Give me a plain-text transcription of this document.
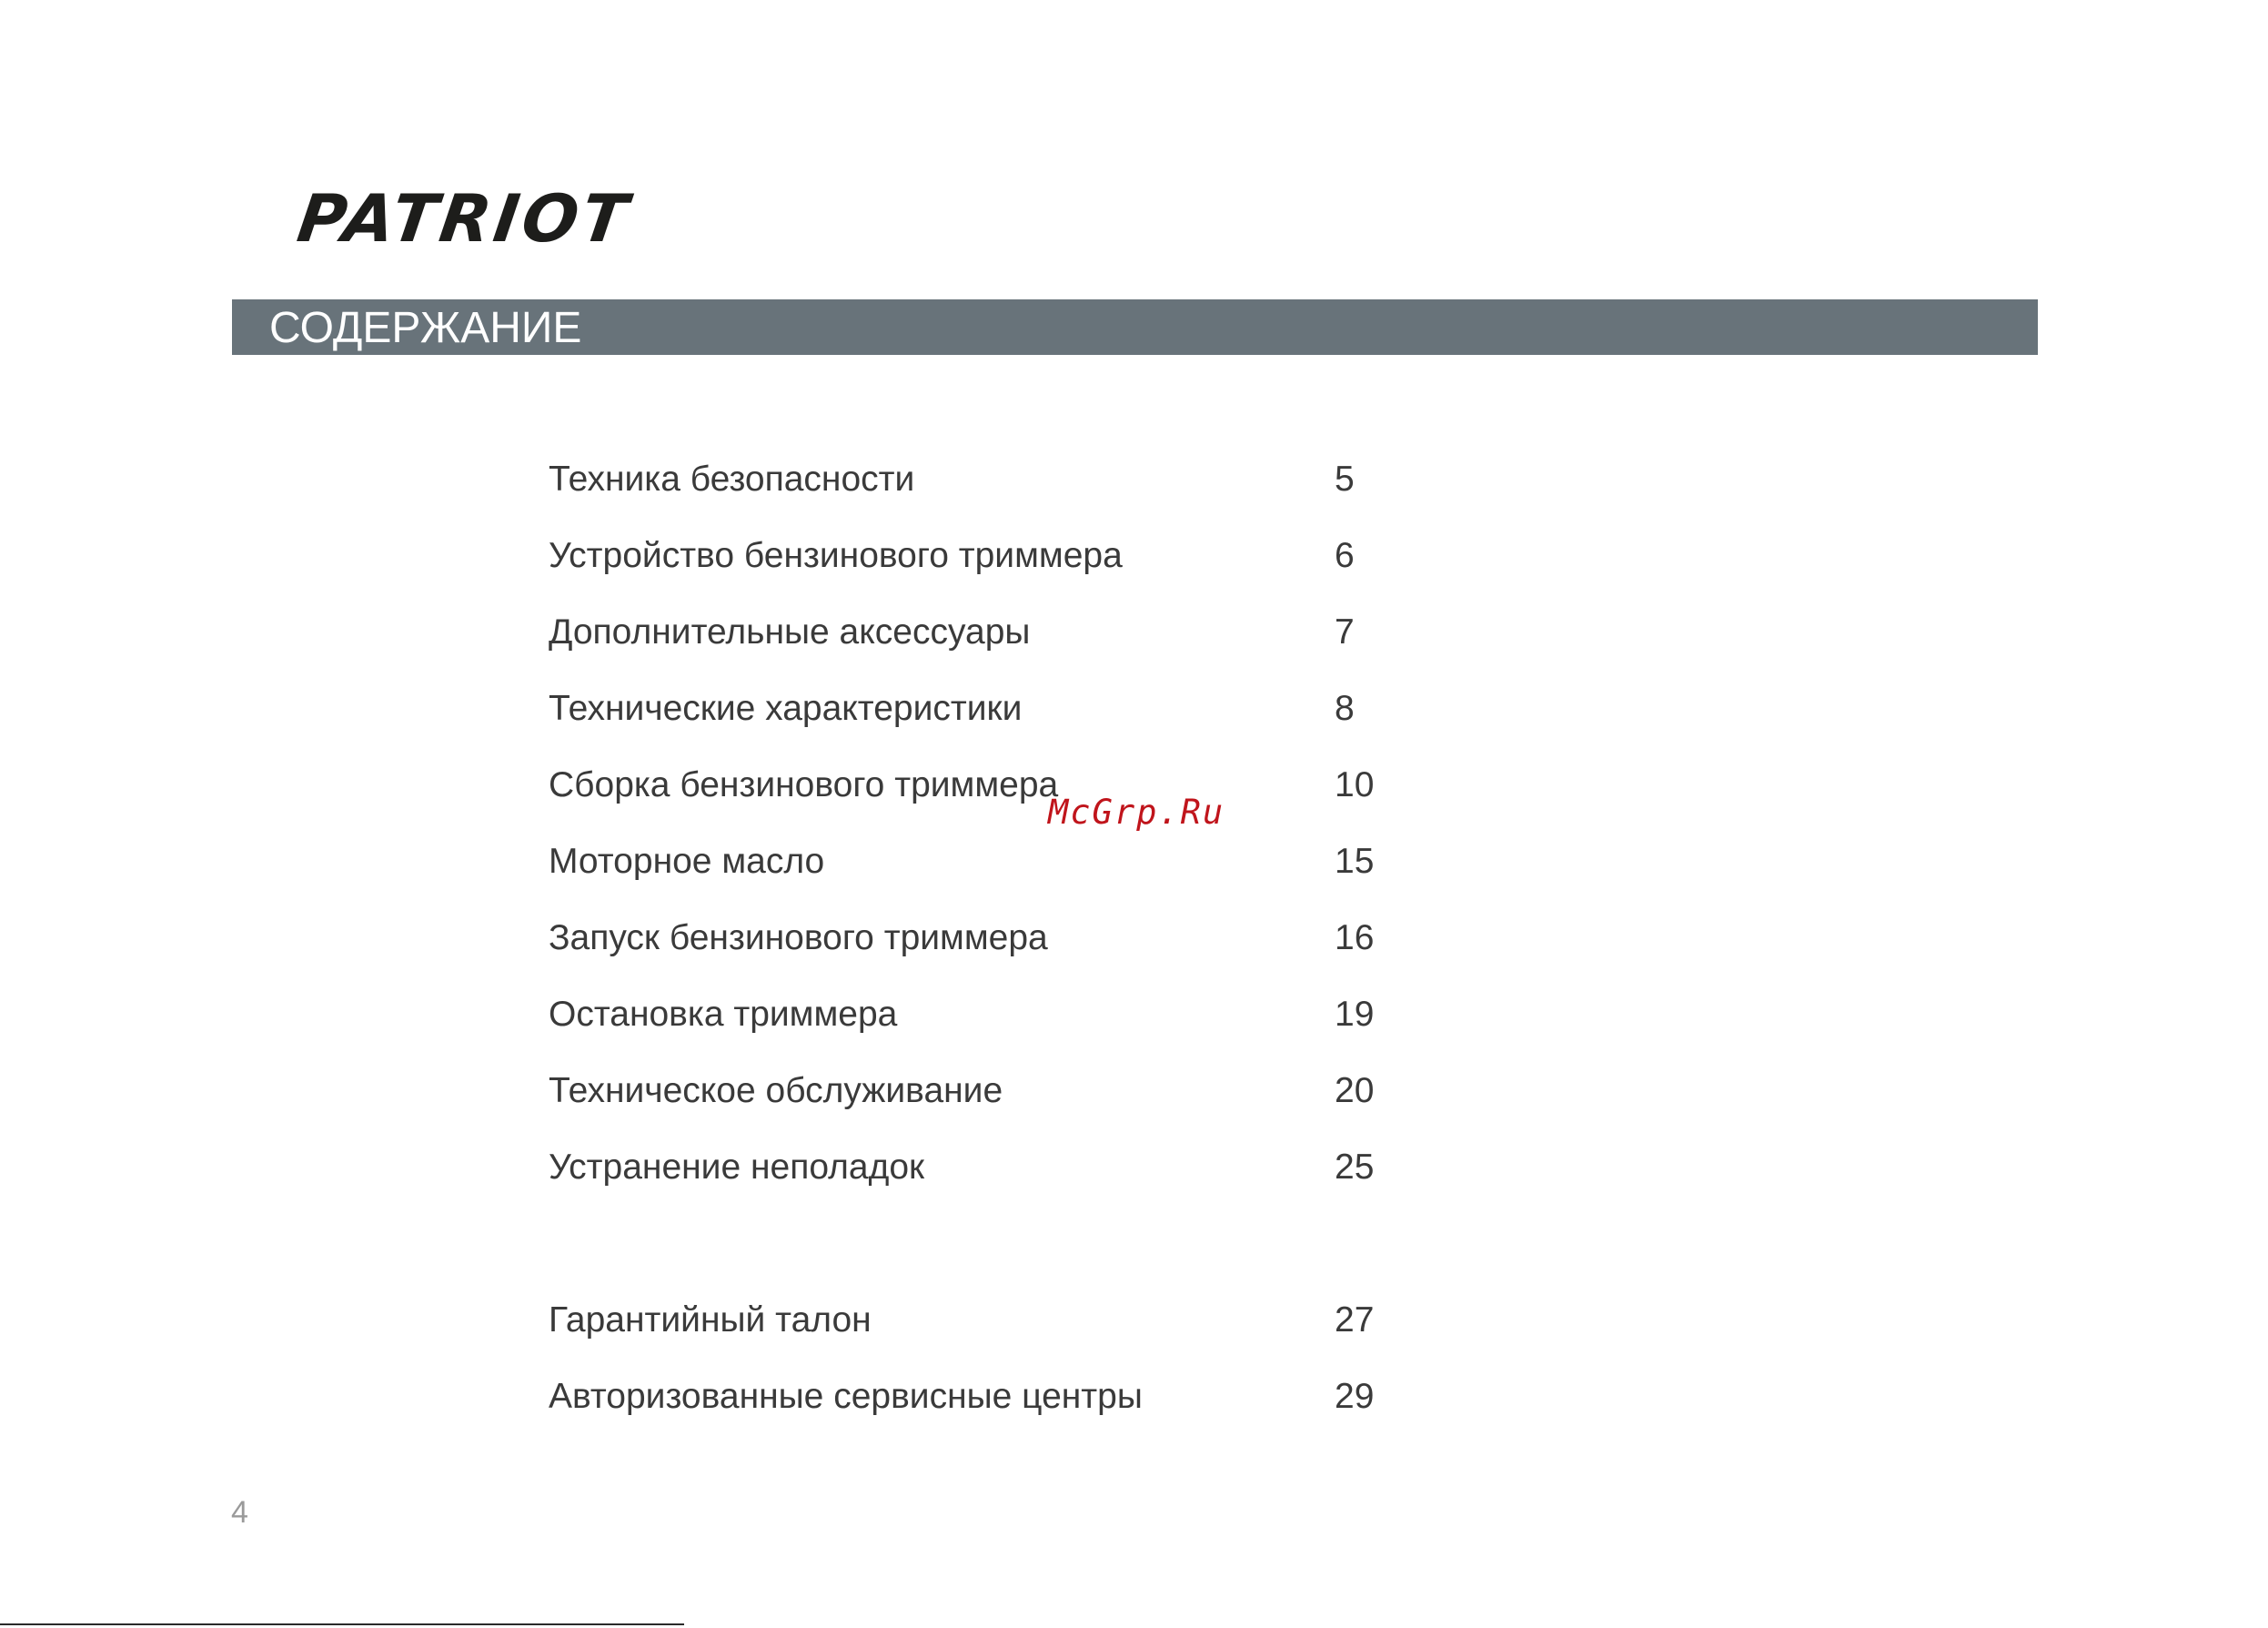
PATRIOT
СОДЕРЖАНИЕ
Техника безопасности	5
Устройство бензинового триммера	6
Дополнительные аксессуары	7
Технические характеристики	8
Сборка бензинового триммера	10
Моторное масло	15
Запуск бензинового триммера	16
Остановка триммера	19
Техническое обслуживание	20
Устранение неполадок	25
Гарантийный талон	27
Авторизованные сервисные центры	29
McGrp.Ru
4
